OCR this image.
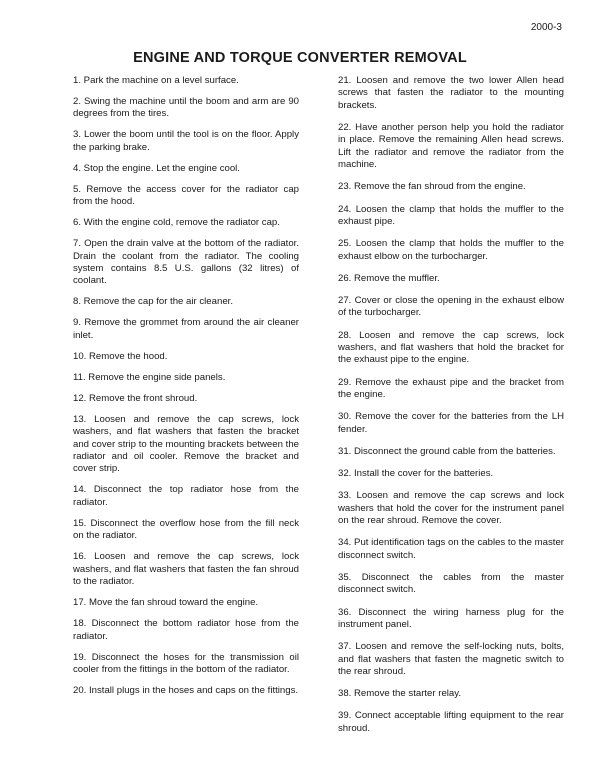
2000-3
ENGINE AND TORQUE CONVERTER REMOVAL

1. Park the machine on a level surface.

2. Swing the machine until the boom and arm are 90 degrees from the tires.

3. Lower the boom until the tool is on the floor. Apply the parking brake.

4. Stop the engine. Let the engine cool.

5. Remove the access cover for the radiator cap from the hood.

6. With the engine cold, remove the radiator cap.

7. Open the drain valve at the bottom of the radiator. Drain the coolant from the radiator. The cooling system contains 8.5 U.S. gallons (32 litres) of coolant.

8. Remove the cap for the air cleaner.

9. Remove the grommet from around the air cleaner inlet.

10. Remove the hood.

11. Remove the engine side panels.

12. Remove the front shroud.

13. Loosen and remove the cap screws, lock washers, and flat washers that fasten the bracket and cover strip to the mounting brackets between the radiator and oil cooler. Remove the bracket and cover strip.

14. Disconnect the top radiator hose from the radiator.

15. Disconnect the overflow hose from the fill neck on the radiator.

16. Loosen and remove the cap screws, lock washers, and flat washers that fasten the fan shroud to the radiator.

17. Move the fan shroud toward the engine.

18. Disconnect the bottom radiator hose from the radiator.

19. Disconnect the hoses for the transmission oil cooler from the fittings in the bottom of the radiator.

20. Install plugs in the hoses and caps on the fittings.

21. Loosen and remove the two lower Allen head screws that fasten the radiator to the mounting brackets.

22. Have another person help you hold the radiator in place. Remove the remaining Allen head screws. Lift the radiator and remove the radiator from the machine.

23. Remove the fan shroud from the engine.

24. Loosen the clamp that holds the muffler to the exhaust pipe.

25. Loosen the clamp that holds the muffler to the exhaust elbow on the turbocharger.

26. Remove the muffler.

27. Cover or close the opening in the exhaust elbow of the turbocharger.

28. Loosen and remove the cap screws, lock washers, and flat washers that hold the bracket for the exhaust pipe to the engine.

29. Remove the exhaust pipe and the bracket from the engine.

30. Remove the cover for the batteries from the LH fender.

31. Disconnect the ground cable from the batteries.

32. Install the cover for the batteries.

33. Loosen and remove the cap screws and lock washers that hold the cover for the instrument panel on the rear shroud. Remove the cover.

34. Put identification tags on the cables to the master disconnect switch.

35. Disconnect the cables from the master disconnect switch.

36. Disconnect the wiring harness plug for the instrument panel.

37. Loosen and remove the self-locking nuts, bolts, and flat washers that fasten the magnetic switch to the rear shroud.

38. Remove the starter relay.

39. Connect acceptable lifting equipment to the rear shroud.
